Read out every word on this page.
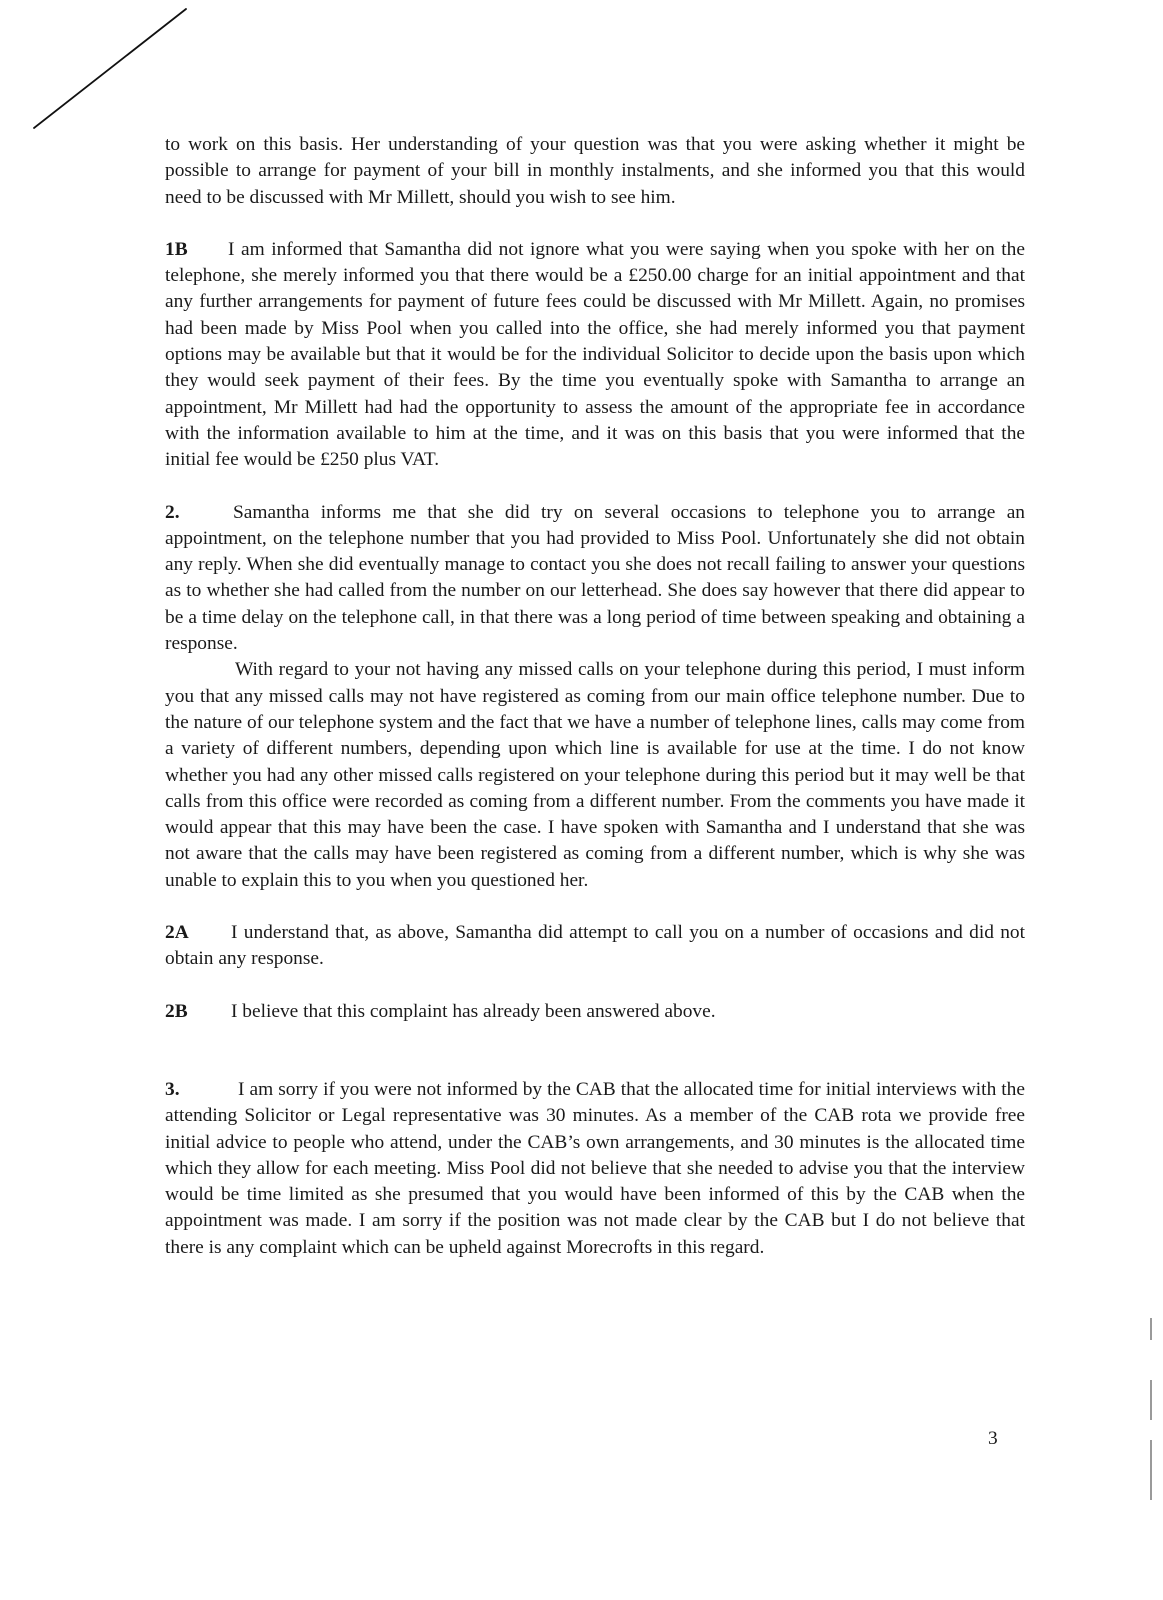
to work on this basis. Her understanding of your question was that you were asking whether it might be possible to arrange for payment of your bill in monthly instalments, and she informed you that this would need to be discussed with Mr Millett, should you wish to see him.

1B I am informed that Samantha did not ignore what you were saying when you spoke with her on the telephone, she merely informed you that there would be a £250.00 charge for an initial appointment and that any further arrangements for payment of future fees could be discussed with Mr Millett. Again, no promises had been made by Miss Pool when you called into the office, she had merely informed you that payment options may be available but that it would be for the individual Solicitor to decide upon the basis upon which they would seek payment of their fees. By the time you eventually spoke with Samantha to arrange an appointment, Mr Millett had had the opportunity to assess the amount of the appropriate fee in accordance with the information available to him at the time, and it was on this basis that you were informed that the initial fee would be £250 plus VAT.

2.	Samantha informs me that she did try on several occasions to telephone you to arrange an appointment, on the telephone number that you had provided to Miss Pool. Unfortunately she did not obtain any reply. When she did eventually manage to contact you she does not recall failing to answer your questions as to whether she had called from the number on our letterhead. She does say however that there did appear to be a time delay on the telephone call, in that there was a long period of time between speaking and obtaining a response.

With regard to your not having any missed calls on your telephone during this period, I must inform you that any missed calls may not have registered as coming from our main office telephone number. Due to the nature of our telephone system and the fact that we have a number of telephone lines, calls may come from a variety of different numbers, depending upon which line is available for use at the time. I do not know whether you had any other missed calls registered on your telephone during this period but it may well be that calls from this office were recorded as coming from a different number. From the comments you have made it would appear that this may have been the case. I have spoken with Samantha and I understand that she was not aware that the calls may have been registered as coming from a different number, which is why she was unable to explain this to you when you questioned her.

2A I understand that, as above, Samantha did attempt to call you on a number of occasions and did not obtain any response.

2B I believe that this complaint has already been answered above.

3.	I am sorry if you were not informed by the CAB that the allocated time for initial interviews with the attending Solicitor or Legal representative was 30 minutes. As a member of the CAB rota we provide free initial advice to people who attend, under the CAB’s own arrangements, and 30 minutes is the allocated time which they allow for each meeting. Miss Pool did not believe that she needed to advise you that the interview would be time limited as she presumed that you would have been informed of this by the CAB when the appointment was made. I am sorry if the position was not made clear by the CAB but I do not believe that there is any complaint which can be upheld against Morecrofts in this regard.

3
